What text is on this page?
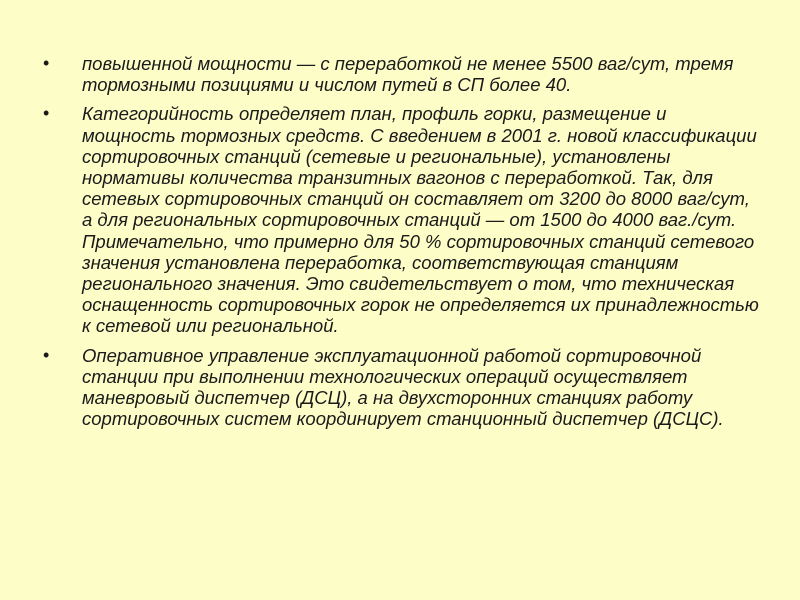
• повышенной мощности — с переработкой не менее 5500 ваг/сут, тремя тормозными позициями и числом путей в СП более 40.
• Категорийность определяет план, профиль горки, размещение и мощность тормозных средств. С введением в 2001 г. новой классификации сортировочных станций (сетевые и региональные), установлены нормативы количества транзитных вагонов с переработкой. Так, для сетевых сортировочных станций он составляет от 3200 до 8000 ваг/сут, а для региональных сортировочных станций — от 1500 до 4000 ваг./сут. Примечательно, что примерно для 50 % сортировочных станций сетевого значения установлена переработка, соответствующая станциям регионального значения. Это свидетельствует о том, что техническая оснащенность сортировочных горок не определяется их принадлежностью к сетевой или региональной.
• Оперативное управление эксплуатационной работой сортировочной станции при выполнении технологических операций осуществляет маневровый диспетчер (ДСЦ), а на двухсторонних станциях работу сортировочных систем координирует станционный диспетчер (ДСЦС).
